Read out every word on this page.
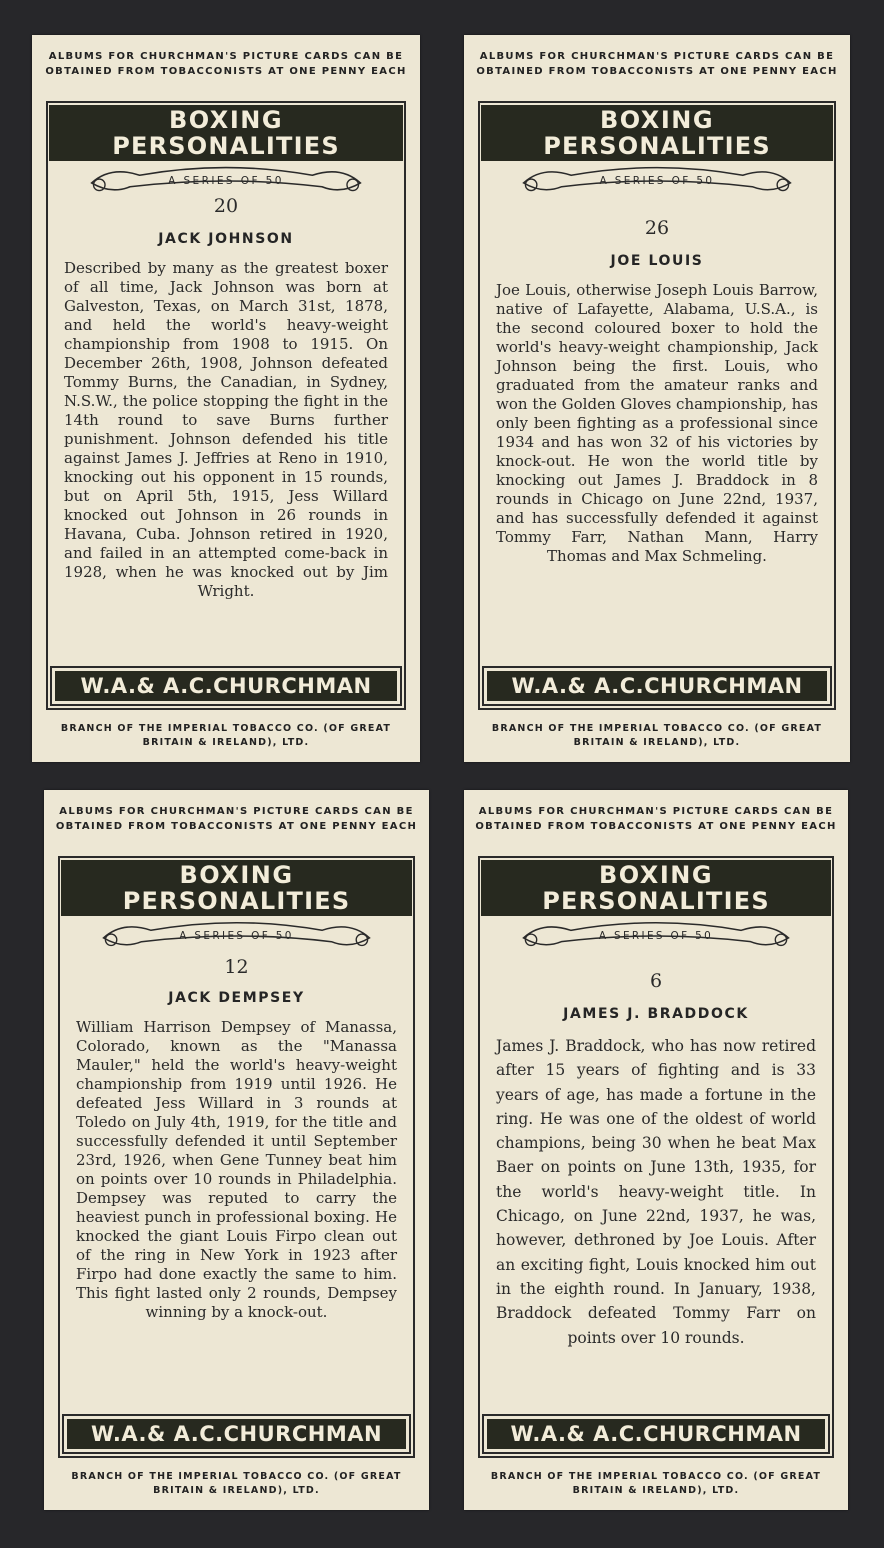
ALBUMS FOR CHURCHMAN'S PICTURE CARDS CAN BE OBTAINED FROM TOBACCONISTS AT ONE PENNY EACH
BOXING
PERSONALITIES
A SERIES OF 50
20
JACK JOHNSON
Described by many as the greatest boxer of all time, Jack Johnson was born at Galveston, Texas, on March 31st, 1878, and held the world's heavy-weight championship from 1908 to 1915. On December 26th, 1908, Johnson defeated Tommy Burns, the Canadian, in Sydney, N.S.W., the police stopping the fight in the 14th round to save Burns further punishment. Johnson defended his title against James J. Jeffries at Reno in 1910, knocking out his opponent in 15 rounds, but on April 5th, 1915, Jess Willard knocked out Johnson in 26 rounds in Havana, Cuba. Johnson retired in 1920, and failed in an attempted come-back in 1928, when he was knocked out by Jim Wright.
W.A.& A.C.CHURCHMAN
BRANCH OF THE IMPERIAL TOBACCO CO. (OF GREAT BRITAIN & IRELAND), LTD.
ALBUMS FOR CHURCHMAN'S PICTURE CARDS CAN BE OBTAINED FROM TOBACCONISTS AT ONE PENNY EACH
BOXING
PERSONALITIES
A SERIES OF 50
26
JOE LOUIS
Joe Louis, otherwise Joseph Louis Barrow, native of Lafayette, Alabama, U.S.A., is the second coloured boxer to hold the world's heavy-weight championship, Jack Johnson being the first. Louis, who graduated from the amateur ranks and won the Golden Gloves championship, has only been fighting as a professional since 1934 and has won 32 of his victories by knock-out. He won the world title by knocking out James J. Braddock in 8 rounds in Chicago on June 22nd, 1937, and has successfully defended it against Tommy Farr, Nathan Mann, Harry Thomas and Max Schmeling.
W.A.& A.C.CHURCHMAN
BRANCH OF THE IMPERIAL TOBACCO CO. (OF GREAT BRITAIN & IRELAND), LTD.
ALBUMS FOR CHURCHMAN'S PICTURE CARDS CAN BE OBTAINED FROM TOBACCONISTS AT ONE PENNY EACH
BOXING
PERSONALITIES
A SERIES OF 50
12
JACK DEMPSEY
William Harrison Dempsey of Manassa, Colorado, known as the "Manassa Mauler," held the world's heavy-weight championship from 1919 until 1926. He defeated Jess Willard in 3 rounds at Toledo on July 4th, 1919, for the title and successfully defended it until September 23rd, 1926, when Gene Tunney beat him on points over 10 rounds in Philadelphia. Dempsey was reputed to carry the heaviest punch in professional boxing. He knocked the giant Louis Firpo clean out of the ring in New York in 1923 after Firpo had done exactly the same to him. This fight lasted only 2 rounds, Dempsey winning by a knock-out.
W.A.& A.C.CHURCHMAN
BRANCH OF THE IMPERIAL TOBACCO CO. (OF GREAT BRITAIN & IRELAND), LTD.
ALBUMS FOR CHURCHMAN'S PICTURE CARDS CAN BE OBTAINED FROM TOBACCONISTS AT ONE PENNY EACH
BOXING
PERSONALITIES
A SERIES OF 50
6
JAMES J. BRADDOCK
James J. Braddock, who has now retired after 15 years of fighting and is 33 years of age, has made a fortune in the ring. He was one of the oldest of world champions, being 30 when he beat Max Baer on points on June 13th, 1935, for the world's heavy-weight title. In Chicago, on June 22nd, 1937, he was, however, dethroned by Joe Louis. After an exciting fight, Louis knocked him out in the eighth round. In January, 1938, Braddock defeated Tommy Farr on points over 10 rounds.
W.A.& A.C.CHURCHMAN
BRANCH OF THE IMPERIAL TOBACCO CO. (OF GREAT BRITAIN & IRELAND), LTD.
